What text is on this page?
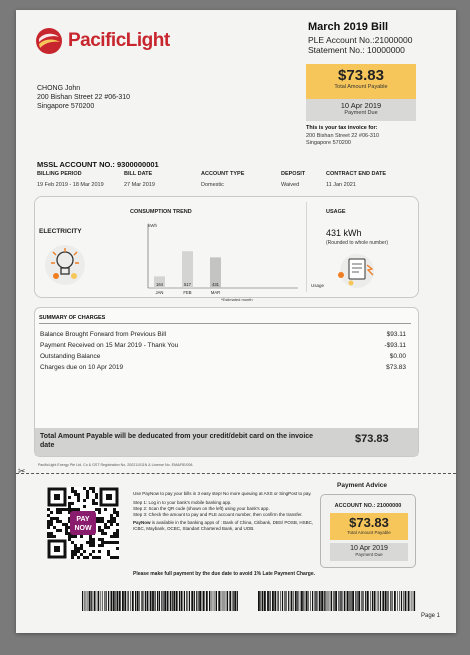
PacificLight
March 2019 Bill
PLE Account No.:21000000
Statement No.: 10000000
$73.83
Total Amount Payable
10 Apr 2019
Payment Due
CHONG John
200 Bishan Street 22 #06-310
Singapore 570200
This is your tax invoice for:
200 Bishan Street 22 #06-310
Singapore 570200
MSSL ACCOUNT NO.: 9300000001
BILLING PERIOD	BILL DATE	ACCOUNT TYPE	DEPOSIT	CONTRACT END DATE
19 Feb 2019 - 18 Mar 2019	27 Mar 2019	Domestic	Waived	11 Jan 2021
CONSUMPTION TREND	USAGE
ELECTRICITY
kWh
Usage
164
JAN
517
FEB
431
MAR
*Estimated month
431 kWh
(Rounded to whole number)
SUMMARY OF CHARGES
Balance Brought Forward from Previous Bill	$93.11
Payment Received on 15 Mar 2019 - Thank You	-$93.11
Outstanding Balance	$0.00
Charges due on 10 Apr 2019	$73.83
Total Amount Payable will be deducated from your credit/debit card on the invoice date
$73.83
PacificLight Energy Pte Ltd. Co & GST Registration No. 200211011N & License No. EMA/RE/008.
✂
Payment Advice
PAY
NOW

Use PayNow to pay your bills in 3 easy step! No more queuing at AXS or SingPost to pay.

Step 1: Log in to your bank's mobile banking app.

Step 2: Scan the QR code (shown on the left) using your bank's app.

Step 3: Check the amount to pay and PLE account number, then confirm the transfer.

PayNow is available in the banking apps of : Bank of China, Citibank, DBS/ POSB, HSBC, ICBC, Maybank, OCBC, Standart Chartered Bank, and UOB.

ACCOUNT NO.: 21000000
$73.83
Total Amount Payable
10 Apr 2019
Payment Due
Please make full payment by the due date to avoid 1% Late Payment Charge.
Page 1
